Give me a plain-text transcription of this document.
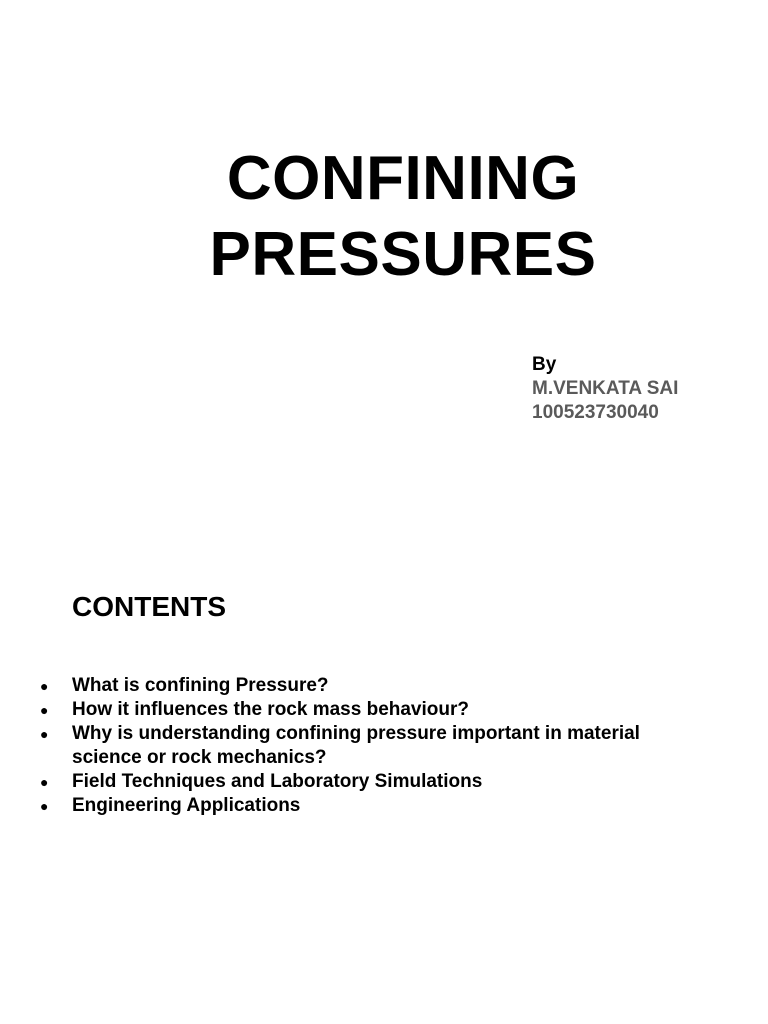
CONFINING
PRESSURES
By
M.VENKATA SAI
100523730040
CONTENTS
● What is confining Pressure?
● How it influences the rock mass behaviour?
● Why is understanding confining pressure important in material science or rock mechanics?
● Field Techniques and Laboratory Simulations
● Engineering Applications
